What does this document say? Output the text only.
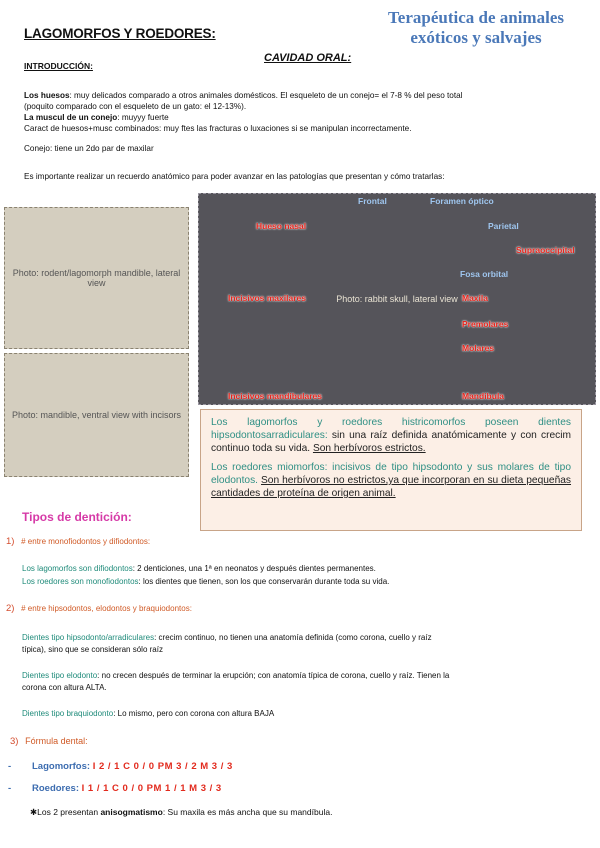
Terapéutica de animales
exóticos y salvajes
LAGOMORFOS Y ROEDORES:
CAVIDAD ORAL:
INTRODUCCIÓN:
Los huesos: muy delicados comparado a otros animales domésticos. El esqueleto de un conejo= el 7-8 % del peso total
(poquito comparado con el esqueleto de un gato: el 12-13%).
La muscul de un conejo: muyyy fuerte
Caract de huesos+musc combinados: muy ftes las fracturas o luxaciones si se manipulan incorrectamente.
Conejo: tiene un 2do par de maxilar
Es importante realizar un recuerdo anatómico para poder avanzar en las patologías que presentan y cómo tratarlas:
Photo: rodent/lagomorph mandible, lateral view
Photo: mandible, ventral view with incisors
Photo: rabbit skull, lateral view
Frontal	Foramen óptico
Parietal
Hueso nasal
Supraoccipital
Fosa orbital
Incisivos maxilares	Maxila
Premolares
Molares
Incisivos mandibulares	Mandibula

Los lagomorfos y roedores histricomorfos poseen dientes hipsodontosarradiculares: sin una raíz definida anatómicamente y con crecim continuo toda su vida. Son herbívoros estrictos.

Los roedores miomorfos: incisivos de tipo hipsodonto y sus molares de tipo elodontos. Son herbívoros no estrictos,ya que incorporan en su dieta pequeñas cantidades de proteína de origen animal.

Tipos de dentición:
1) # entre monofiodontos y difiodontos:
Los lagomorfos son difiodontos: 2 denticiones, una 1ª en neonatos y después dientes permanentes.
Los roedores son monofiodontos: los dientes que tienen, son los que conservarán durante toda su vida.
2) # entre hipsodontos, elodontos y braquiodontos:
Dientes tipo hipsodonto/arradiculares: crecim continuo, no tienen una anatomía definida (como corona, cuello y raíz
típica), sino que se consideran sólo raíz
Dientes tipo elodonto: no crecen después de terminar la erupción; con anatomía típica de corona, cuello y raíz. Tienen la
corona con altura ALTA.
Dientes tipo braquiodonto: Lo mismo, pero con corona con altura BAJA
3) Fórmula dental:
- Lagomorfos: I 2 / 1 C 0 / 0 PM 3 / 2 M 3 / 3
- Roedores: I 1 / 1 C 0 / 0 PM 1 / 1 M 3 / 3
✱Los 2 presentan anisogmatismo: Su maxila es más ancha que su mandíbula.
